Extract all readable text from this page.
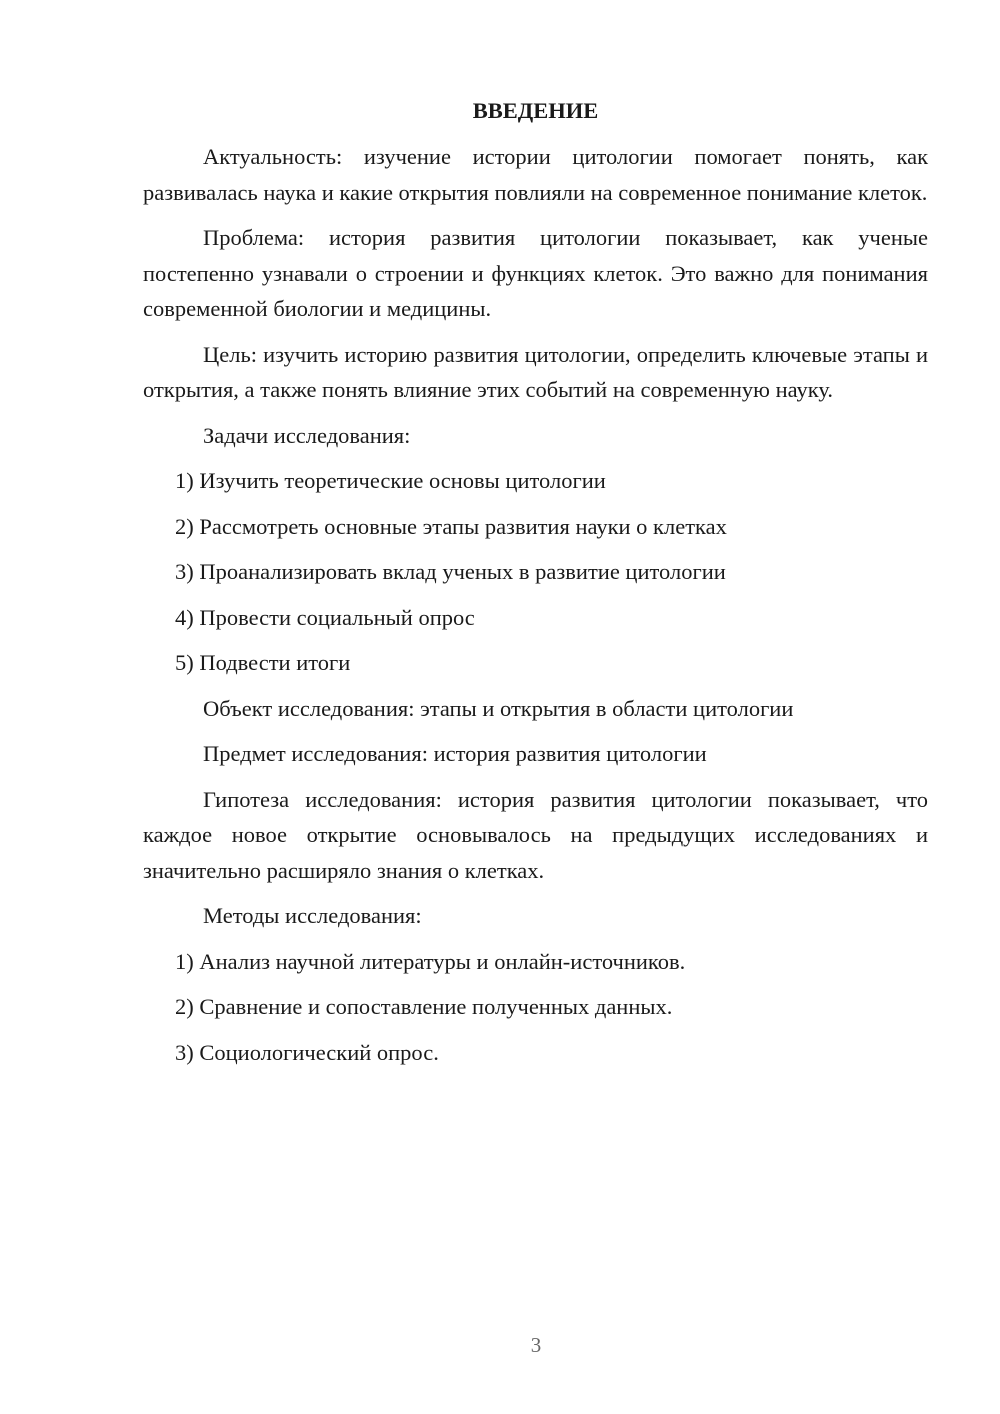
ВВЕДЕНИЕ

Актуальность: изучение истории цитологии помогает понять, как развивалась наука и какие открытия повлияли на современное понимание клеток.

Проблема: история развития цитологии показывает, как ученые постепенно узнавали о строении и функциях клеток. Это важно для понимания современной биологии и медицины.

Цель: изучить историю развития цитологии, определить ключевые этапы и открытия, а также понять влияние этих событий на современную науку.

Задачи исследования:

1) Изучить теоретические основы цитологии

2) Рассмотреть основные этапы развития науки о клетках

3) Проанализировать вклад ученых в развитие цитологии

4) Провести социальный опрос

5) Подвести итоги

Объект исследования: этапы и открытия в области цитологии

Предмет исследования: история развития цитологии

Гипотеза исследования: история развития цитологии показывает, что каждое новое открытие основывалось на предыдущих исследованиях и значительно расширяло знания о клетках.

Методы исследования:

1) Анализ научной литературы и онлайн-источников.

2) Сравнение и сопоставление полученных данных.

3) Социологический опрос.

3
